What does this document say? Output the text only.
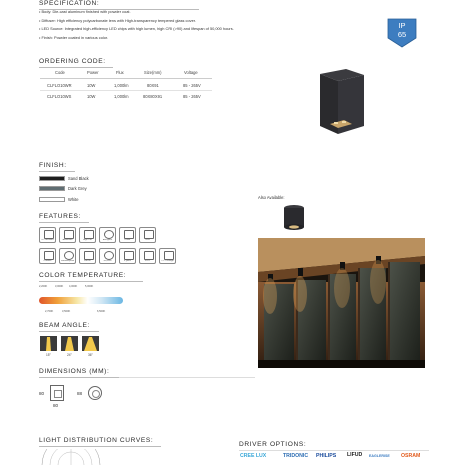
SPECIFICATION:
• Body: Die-cast aluminum finished with powder coat.
• Diffuser: High efficiency polycarbonate lens with High-transparency tempered glass cover.
• LED Source: Integrated high-efficiency LED chips with high lumen, high CRI (>90) and lifespan of 50,000 hours.
• Finish: Powder coated in various color.
IP
65
ORDERING CODE:
Code	Power	Flux	Size(mm)	Voltage
CLFLO10WR	10W	1,000lm	80X91	85 - 265V
CLFLO10WS	10W	1,000lm	80X80X91	85 - 265V
FINISH:
Sand Black
Dark Grey
White	Also Available:
FEATURES:
UV resistant	Aluminum	High CRI	Anti-glare	Driver	IP65
Outdoor	Weatherproof	Ra>90	50,000h	5 years	3-in-1	CCT change
COLOR TEMPERATURE:
2,200K	3,000K 4,000K	5,000K
2,700K	3,500K	6,500K
BEAM ANGLE:
15°	24°	36°
DIMENSIONS (MM):
80
80
88
LIGHT DISTRIBUTION CURVES:
DRIVER OPTIONS:
CREE LUX	TRIDONIC PHILIPS LIFUD EAGLERISE OSRAM
